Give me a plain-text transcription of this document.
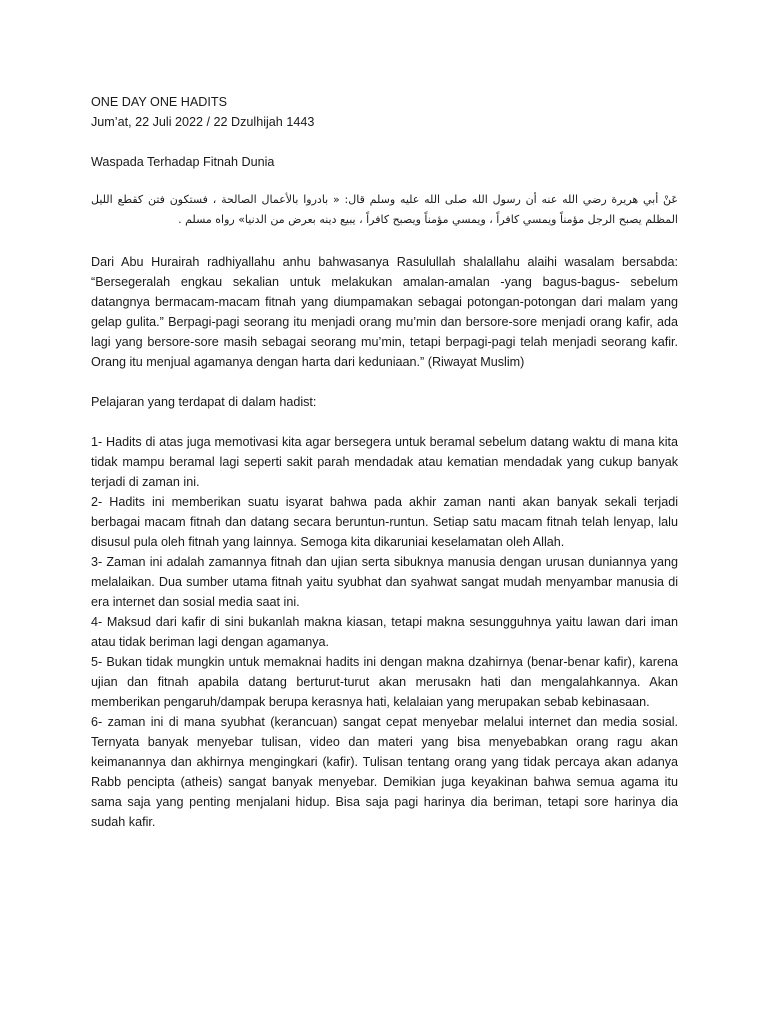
ONE DAY ONE HADITS

Jum’at, 22 Juli 2022 / 22 Dzulhijah 1443

Waspada Terhadap Fitnah Dunia

عَنْ أبي هريرة رضي الله عنه أن رسول الله صلى الله عليه وسلم قال: « بادروا بالأعمال الصالحة ، فستكون فتن كقطع الليل المظلم يصبح الرجل مؤمناً ويمسي كافراً ، ويمسي مؤمناً ويصبح كافراً ، يبيع دينه بعرض من الدنيا» رواه مسلم .

Dari Abu Hurairah radhiyallahu anhu bahwasanya Rasulullah shalallahu alaihi wasalam bersabda: “Bersegeralah engkau sekalian untuk melakukan amalan-amalan -yang bagus-bagus- sebelum datangnya bermacam-macam fitnah yang diumpamakan sebagai potongan-potongan dari malam yang gelap gulita.” Berpagi-pagi seorang itu menjadi orang mu’min dan bersore-sore menjadi orang kafir, ada lagi yang bersore-sore masih sebagai seorang mu’min, tetapi berpagi-pagi telah menjadi seorang kafir. Orang itu menjual agamanya dengan harta dari keduniaan.” (Riwayat Muslim)

Pelajaran yang terdapat di dalam hadist:

1- Hadits di atas juga memotivasi kita agar bersegera untuk beramal sebelum datang waktu di mana kita tidak mampu beramal lagi seperti sakit parah mendadak atau kematian mendadak yang cukup banyak terjadi di zaman ini.
2- Hadits ini memberikan suatu isyarat bahwa pada akhir zaman nanti akan banyak sekali terjadi berbagai macam fitnah dan datang secara beruntun-runtun. Setiap satu macam fitnah telah lenyap, lalu disusul pula oleh fitnah yang lainnya. Semoga kita dikaruniai keselamatan oleh Allah.
3- Zaman ini adalah zamannya fitnah dan ujian serta sibuknya manusia dengan urusan duniannya yang melalaikan. Dua sumber utama fitnah yaitu syubhat dan syahwat sangat mudah menyambar manusia di era internet dan sosial media saat ini.
4- Maksud dari kafir di sini bukanlah makna kiasan, tetapi makna sesungguhnya yaitu lawan dari iman atau tidak beriman lagi dengan agamanya.
5- Bukan tidak mungkin untuk memaknai hadits ini dengan makna dzahirnya (benar-benar kafir), karena ujian dan fitnah apabila datang berturut-turut akan merusakn hati dan mengalahkannya. Akan memberikan pengaruh/dampak berupa kerasnya hati, kelalaian yang merupakan sebab kebinasaan.
6- zaman ini di mana syubhat (kerancuan) sangat cepat menyebar melalui internet dan media sosial. Ternyata banyak menyebar tulisan, video dan materi yang bisa menyebabkan orang ragu akan keimanannya dan akhirnya mengingkari (kafir). Tulisan tentang orang yang tidak percaya akan adanya Rabb pencipta (atheis) sangat banyak menyebar. Demikian juga keyakinan bahwa semua agama itu sama saja yang penting menjalani hidup. Bisa saja pagi harinya dia beriman, tetapi sore harinya dia sudah kafir.
